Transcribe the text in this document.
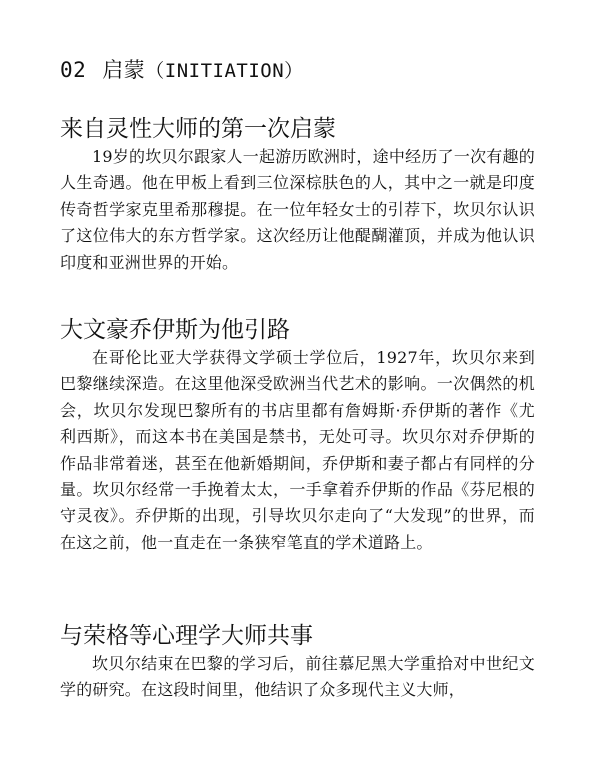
02 启蒙（INITIATION）
来自灵性大师的第一次启蒙

19岁的坎贝尔跟家人一起游历欧洲时，途中经历了一次有趣的人生奇遇。他在甲板上看到三位深棕肤色的人，其中之一就是印度传奇哲学家克里希那穆提。在一位年轻女士的引荐下，坎贝尔认识了这位伟大的东方哲学家。这次经历让他醍醐灌顶，并成为他认识印度和亚洲世界的开始。

大文豪乔伊斯为他引路

在哥伦比亚大学获得文学硕士学位后，1927年，坎贝尔来到巴黎继续深造。在这里他深受欧洲当代艺术的影响。一次偶然的机会，坎贝尔发现巴黎所有的书店里都有詹姆斯·乔伊斯的著作《尤利西斯》，而这本书在美国是禁书，无处可寻。坎贝尔对乔伊斯的作品非常着迷，甚至在他新婚期间，乔伊斯和妻子都占有同样的分量。坎贝尔经常一手挽着太太，一手拿着乔伊斯的作品《芬尼根的守灵夜》。乔伊斯的出现，引导坎贝尔走向了“大发现”的世界，而在这之前，他一直走在一条狭窄笔直的学术道路上。

与荣格等心理学大师共事

坎贝尔结束在巴黎的学习后，前往慕尼黑大学重拾对中世纪文学的研究。在这段时间里，他结识了众多现代主义大师，
